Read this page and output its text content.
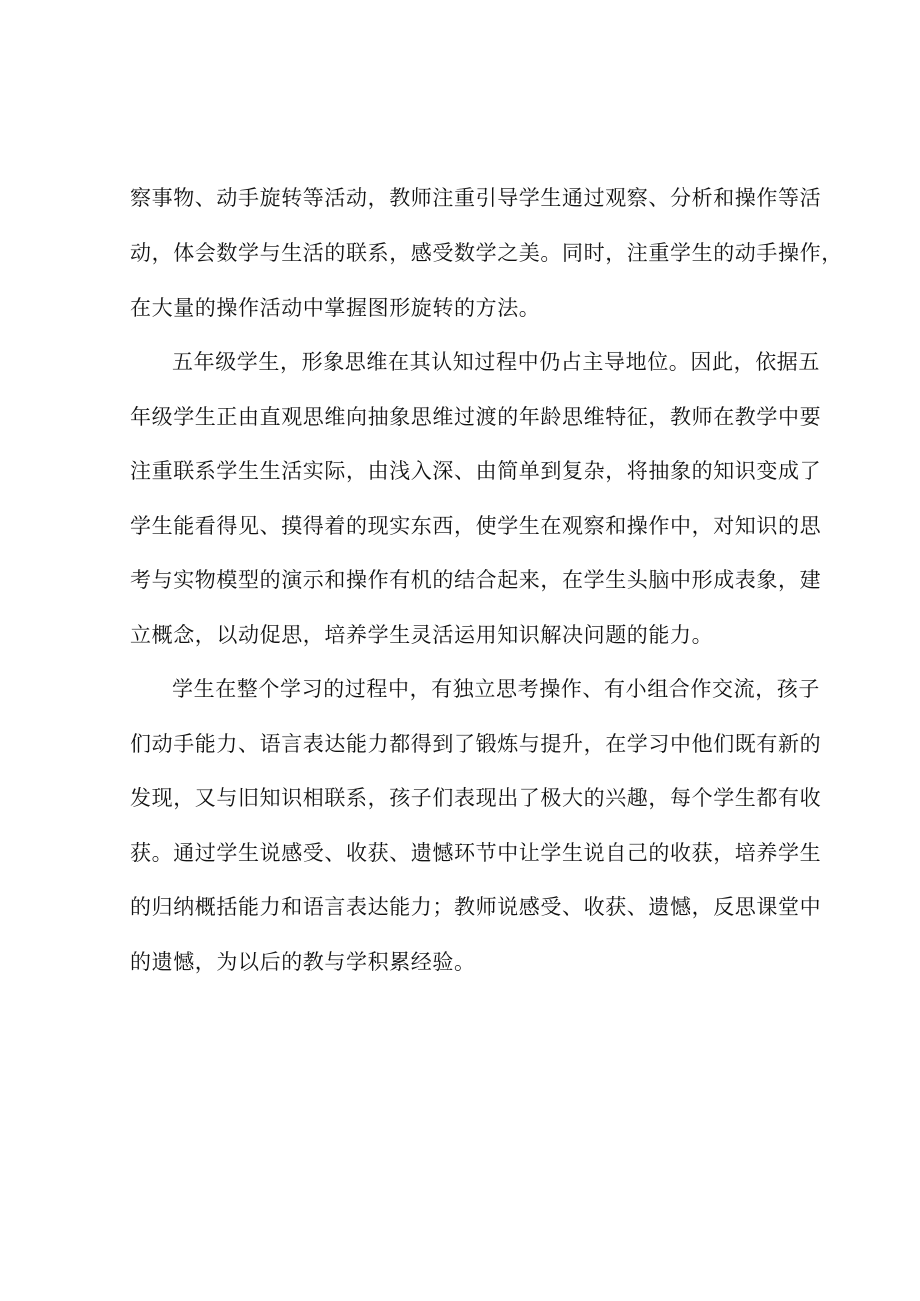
察事物、动手旋转等活动，教师注重引导学生通过观察、分析和操作等活
动，体会数学与生活的联系，感受数学之美。同时，注重学生的动手操作，
在大量的操作活动中掌握图形旋转的方法。
五年级学生，形象思维在其认知过程中仍占主导地位。因此，依据五
年级学生正由直观思维向抽象思维过渡的年龄思维特征，教师在教学中要
注重联系学生生活实际，由浅入深、由简单到复杂，将抽象的知识变成了
学生能看得见、摸得着的现实东西，使学生在观察和操作中，对知识的思
考与实物模型的演示和操作有机的结合起来，在学生头脑中形成表象，建
立概念，以动促思，培养学生灵活运用知识解决问题的能力。
学生在整个学习的过程中，有独立思考操作、有小组合作交流，孩子
们动手能力、语言表达能力都得到了锻炼与提升，在学习中他们既有新的
发现，又与旧知识相联系，孩子们表现出了极大的兴趣，每个学生都有收
获。通过学生说感受、收获、遗憾环节中让学生说自己的收获，培养学生
的归纳概括能力和语言表达能力；教师说感受、收获、遗憾，反思课堂中
的遗憾，为以后的教与学积累经验。
